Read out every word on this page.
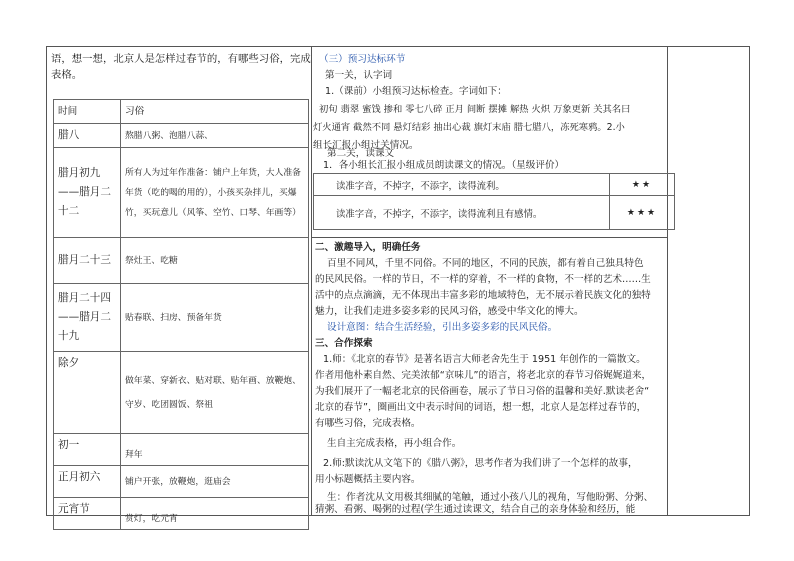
语，想一想，北京人是怎样过春节的，有哪些习俗，完成
表格。
时间	习俗
腊八	熬腊八粥、泡腊八蒜、
腊月初九——腊月二十二	所有人为过年作准备：铺户上年货，大人准备年货（吃的喝的用的），小孩买杂拌儿，买爆竹，买玩意儿（风筝、空竹、口琴、年画等）
腊月二十三	祭灶王、吃糖
腊月二十四——腊月二十九	贴春联、扫房、预备年货
除夕	做年菜、穿新衣、贴对联、贴年画、放鞭炮、守岁、吃团圆饭、祭祖
初一	拜年
正月初六	铺户开张，放鞭炮，逛庙会
元宵节	赏灯，吃元宵
（三）预习达标环节
第一关，认字词
1.（课前）小组预习达标检查。字词如下：
初旬 翡翠 蜜饯 掺和 零七八碎 正月 间断 摆摊 解热 火炽 万象更新 关其名曰
灯火通宵 截然不同 悬灯结彩 抽出心裁 旗灯末庙 腊七腊八，冻死寒鸦。2.小
组长汇报小组过关情况。
第二关，读课文
1．各小组长汇报小组成员朗读课文的情况。（星级评价）
读准字音，不掉字，不添字，读得流利。	★★
读准字音，不掉字，不添字，读得流利且有感情。	★★★
二、激趣导入，明确任务
百里不同风，千里不同俗。不同的地区，不同的民族，都有着自己独具特色
的民风民俗。一样的节日，不一样的穿着，不一样的食物，不一样的艺术……生
活中的点点滴滴，无不体现出丰富多彩的地域特色，无不展示着民族文化的独特
魅力，让我们走进多姿多彩的民风习俗，感受中华文化的博大。
设计意图：结合生活经验，引出多姿多彩的民风民俗。
三、合作探索
1.师：《北京的春节》是著名语言大师老舍先生于 1951 年创作的一篇散文。
作者用他朴素自然、完美浓郁“京味儿”的语言，将老北京的春节习俗娓娓道来，
为我们展开了一幅老北京的民俗画卷，展示了节日习俗的温馨和美好.默读老舍“
北京的春节”，圈画出文中表示时间的词语，想一想，北京人是怎样过春节的，
有哪些习俗，完成表格。
生自主完成表格，再小组合作。
2.师:默读沈从文笔下的《腊八粥》，思考作者为我们讲了一个怎样的故事，
用小标题概括主要内容。
生：作者沈从文用极其细腻的笔触，通过小孩八儿的视角，写他盼粥、分粥、
猜粥、看粥、喝粥的过程(学生通过读课文，结合自己的亲身体验和经历，能
